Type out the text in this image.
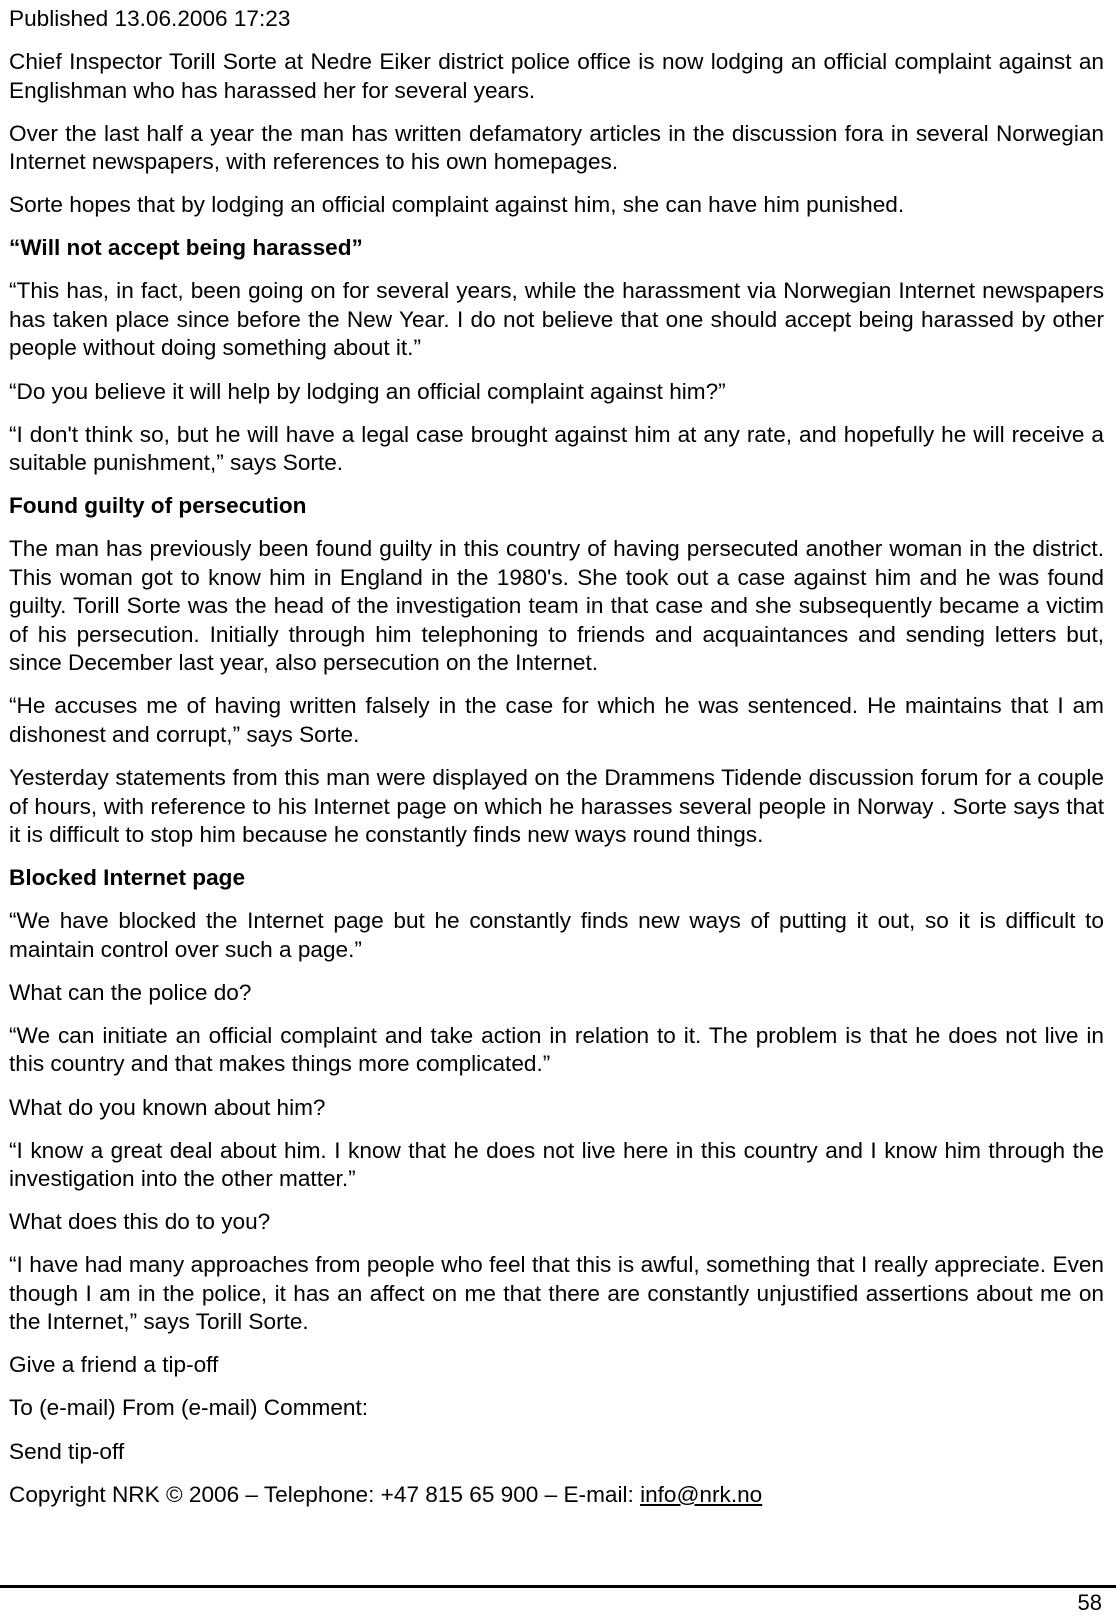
Published 13.06.2006 17:23

Chief Inspector Torill Sorte at Nedre Eiker district police office is now lodging an official complaint against an Englishman who has harassed her for several years.

Over the last half a year the man has written defamatory articles in the discussion fora in several Norwegian Internet newspapers, with references to his own homepages.

Sorte hopes that by lodging an official complaint against him, she can have him punished.

“Will not accept being harassed”

“This has, in fact, been going on for several years, while the harassment via Norwegian Internet newspapers has taken place since before the New Year. I do not believe that one should accept being harassed by other people without doing something about it.”

“Do you believe it will help by lodging an official complaint against him?”

“I don't think so, but he will have a legal case brought against him at any rate, and hopefully he will receive a suitable punishment,” says Sorte.

Found guilty of persecution

The man has previously been found guilty in this country of having persecuted another woman in the district. This woman got to know him in England in the 1980's. She took out a case against him and he was found guilty. Torill Sorte was the head of the investigation team in that case and she subsequently became a victim of his persecution. Initially through him telephoning to friends and acquaintances and sending letters but, since December last year, also persecution on the Internet.

“He accuses me of having written falsely in the case for which he was sentenced. He maintains that I am dishonest and corrupt,” says Sorte.

Yesterday statements from this man were displayed on the Drammens Tidende discussion forum for a couple of hours, with reference to his Internet page on which he harasses several people in Norway . Sorte says that it is difficult to stop him because he constantly finds new ways round things.

Blocked Internet page

“We have blocked the Internet page but he constantly finds new ways of putting it out, so it is difficult to maintain control over such a page.”

What can the police do?

“We can initiate an official complaint and take action in relation to it. The problem is that he does not live in this country and that makes things more complicated.”

What do you known about him?

“I know a great deal about him. I know that he does not live here in this country and I know him through the investigation into the other matter.”

What does this do to you?

“I have had many approaches from people who feel that this is awful, something that I really appreciate. Even though I am in the police, it has an affect on me that there are constantly unjustified assertions about me on the Internet,” says Torill Sorte.

Give a friend a tip-off

To (e-mail) From (e-mail) Comment:

Send tip-off

Copyright NRK © 2006 – Telephone: +47 815 65 900 – E-mail: info@nrk.no

58
